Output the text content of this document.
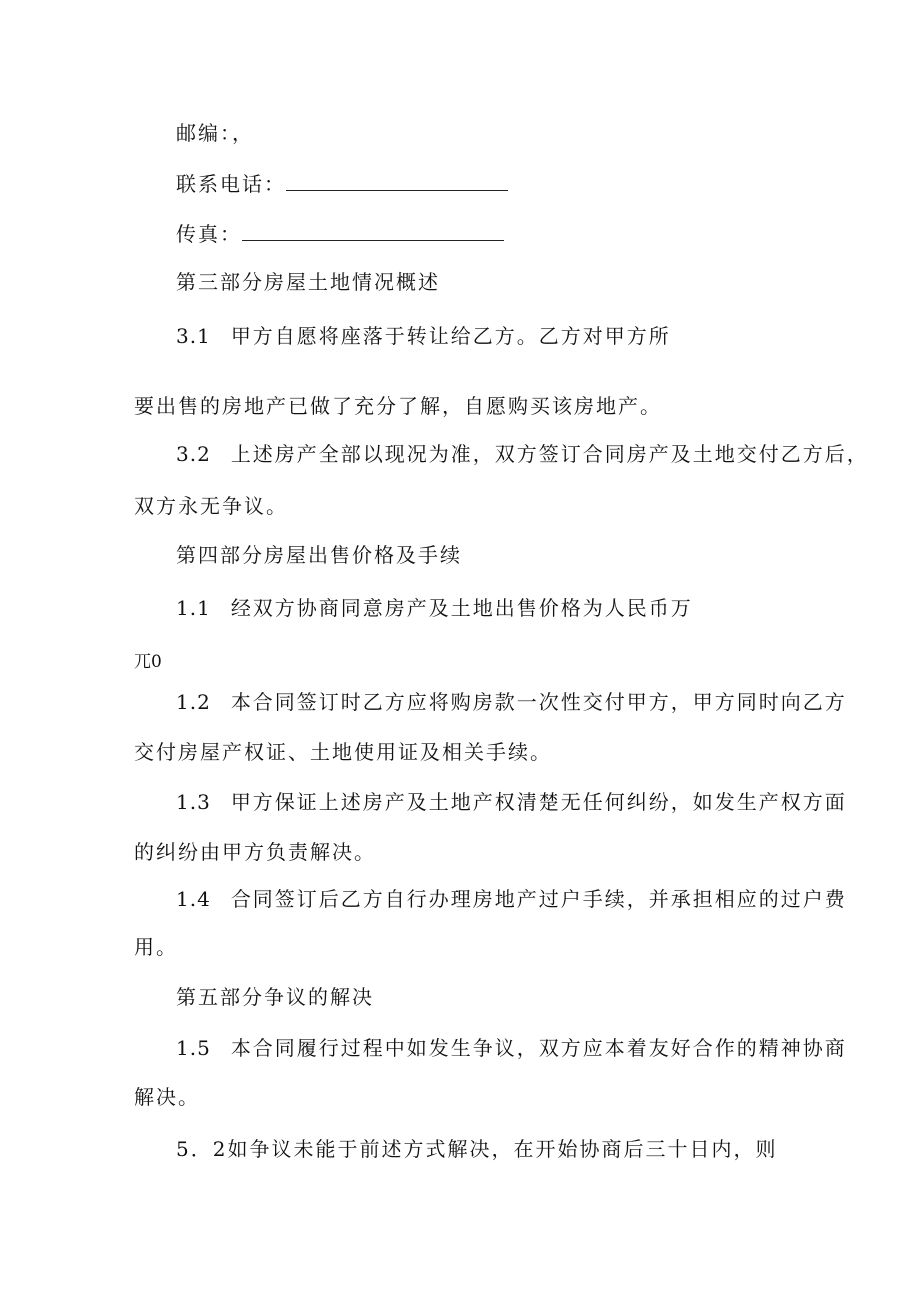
邮编：，
联系电话：
传真：
第三部分房屋土地情况概述
3.1 甲方自愿将座落于转让给乙方。乙方对甲方所
要出售的房地产已做了充分了解，自愿购买该房地产。
3.2 上述房产全部以现况为准，双方签订合同房产及土地交付乙方后，
双方永无争议。
第四部分房屋出售价格及手续
1.1 经双方协商同意房产及土地出售价格为人民币万
兀0
1.2 本合同签订时乙方应将购房款一次性交付甲方，甲方同时向乙方
交付房屋产权证、土地使用证及相关手续。
1.3 甲方保证上述房产及土地产权清楚无任何纠纷，如发生产权方面
的纠纷由甲方负责解决。
1.4 合同签订后乙方自行办理房地产过户手续，并承担相应的过户费
用。
第五部分争议的解决
1.5 本合同履行过程中如发生争议，双方应本着友好合作的精神协商
解决。
5．2如争议未能于前述方式解决，在开始协商后三十日内，则
